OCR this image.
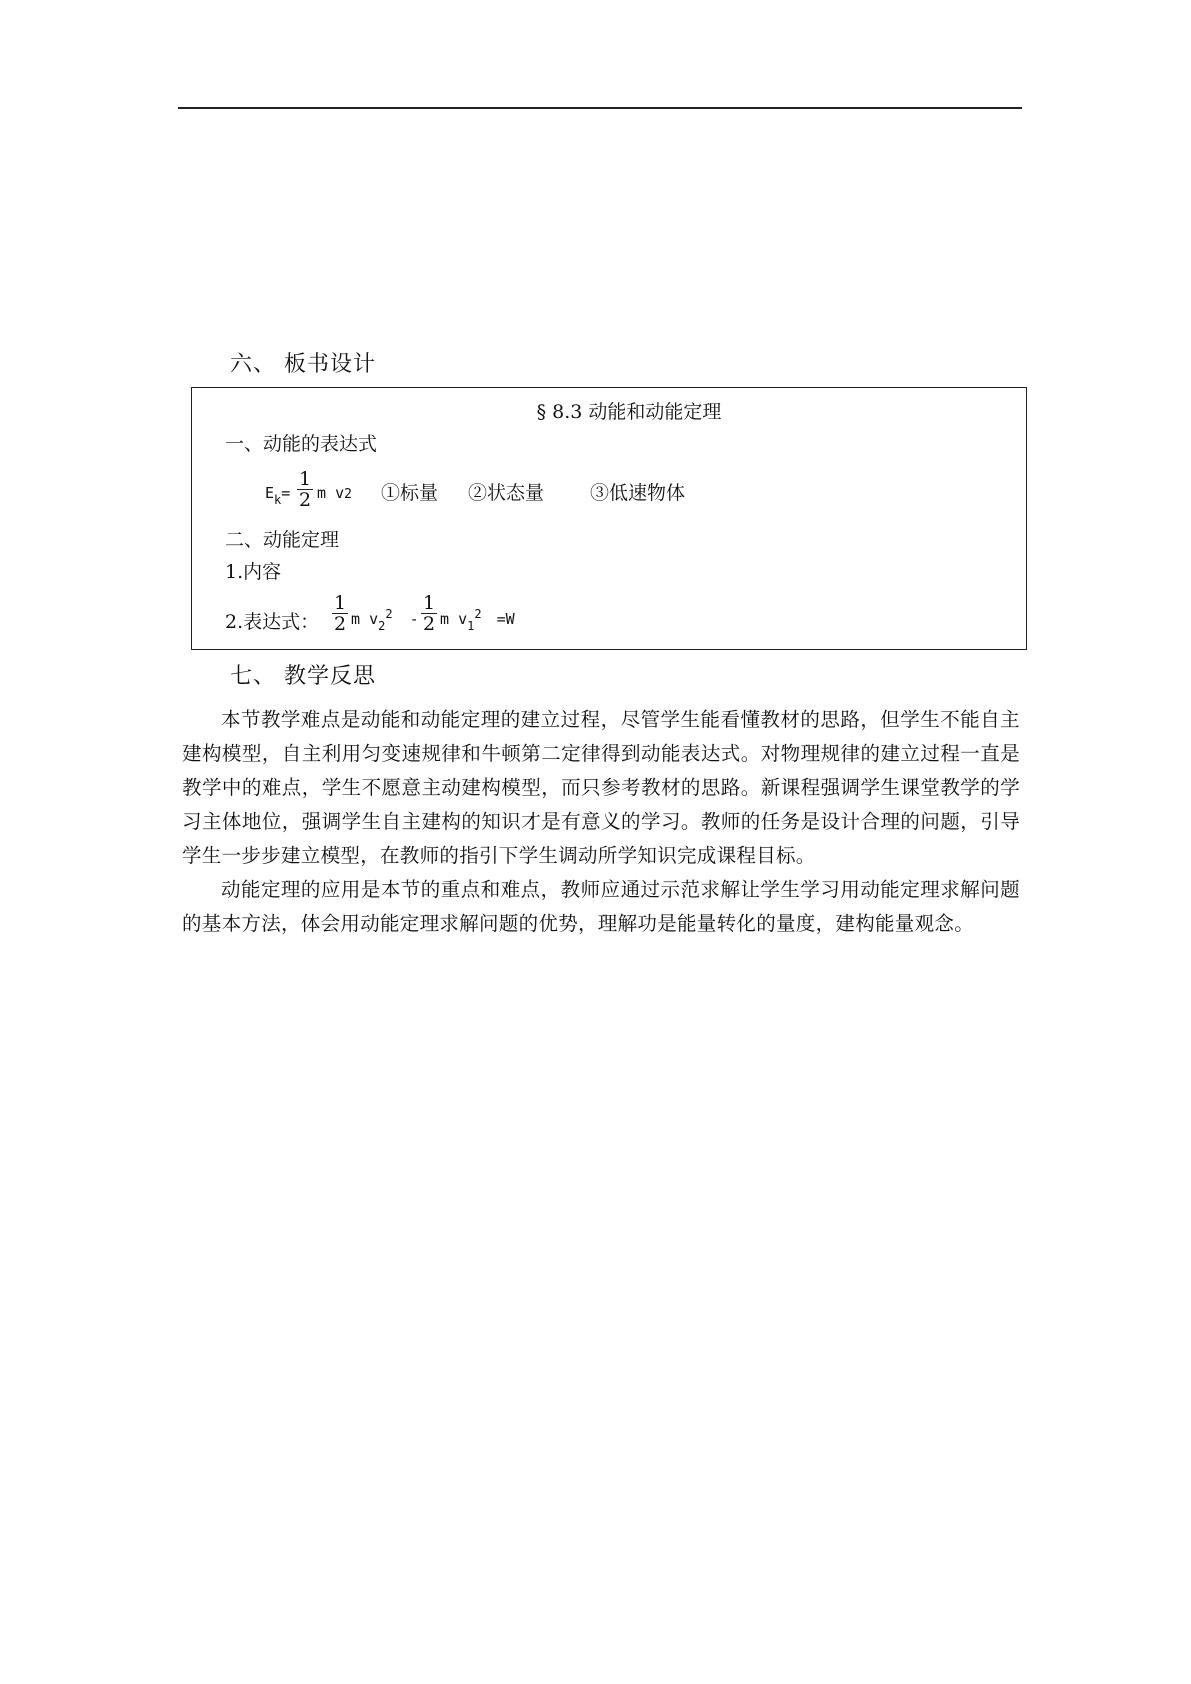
六、 板书设计
§ 8.3 动能和动能定理
一、动能的表达式
$E_k= \frac{1}{2}$ m v2 ①标量 ②状态量 ③低速物体
二、动能定理
1.内容
2.表达式： $\frac{1}{2}$ m $v_2^2 - \frac{1}{2}$ m $v_1^2 =W$
七、 教学反思
本节教学难点是动能和动能定理的建立过程，尽管学生能看懂教材的思路，但学生不能自主建构模型，自主利用匀变速规律和牛顿第二定律得到动能表达式。对物理规律的建立过程一直是教学中的难点，学生不愿意主动建构模型，而只参考教材的思路。新课程强调学生课堂教学的学习主体地位，强调学生自主建构的知识才是有意义的学习。教师的任务是设计合理的问题，引导学生一步步建立模型，在教师的指引下学生调动所学知识完成课程目标。
动能定理的应用是本节的重点和难点，教师应通过示范求解让学生学习用动能定理求解问题的基本方法，体会用动能定理求解问题的优势，理解功是能量转化的量度，建构能量观念。
